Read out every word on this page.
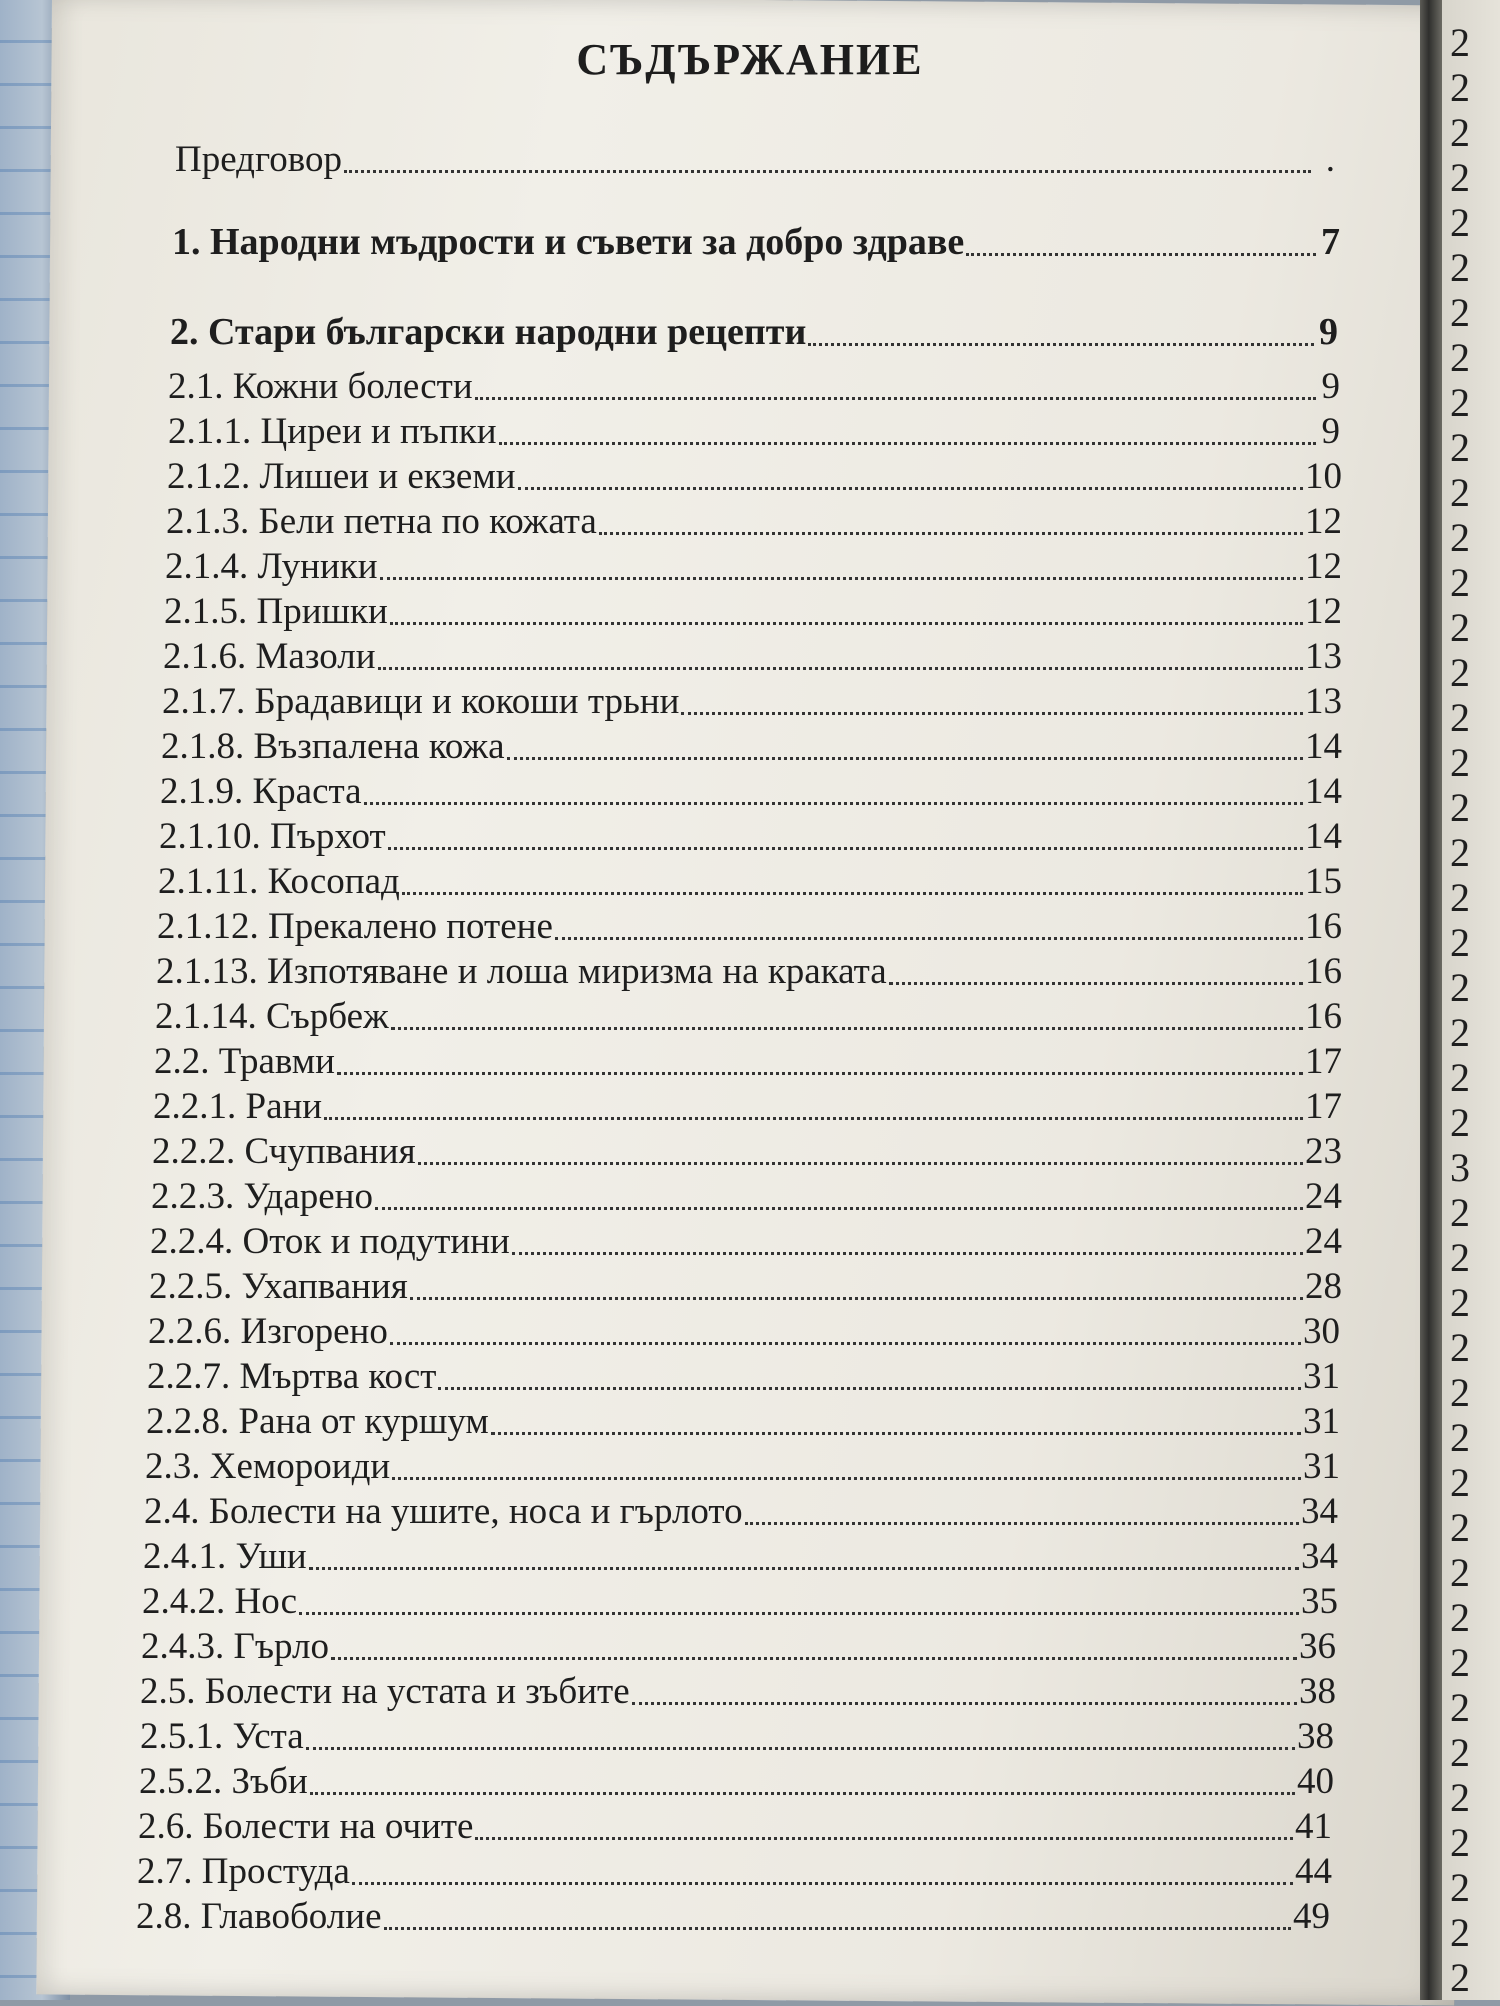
2
2
2
2
2
2
2
2
2
2
2
2
2
2
2
2
2
2
2
2
2
2
2
2
2
3
2
2
2
2
2
2
2
2
2
2
2
2
2
2
2
2
2
2
СЪДЪРЖАНИЕ
Предговор	.
1. Народни мъдрости и съвети за добро здраве	7
2. Стари български народни рецепти	9
2.1. Кожни болести	9
2.1.1. Циреи и пъпки	9
2.1.2. Лишеи и екземи	10
2.1.3. Бели петна по кожата	12
2.1.4. Луники	12
2.1.5. Пришки	12
2.1.6. Мазоли	13
2.1.7. Брадавици и кокоши трьни	13
2.1.8. Възпалена кожа	14
2.1.9. Краста	14
2.1.10. Пърхот	14
2.1.11. Косопад	15
2.1.12. Прекалено потене	16
2.1.13. Изпотяване и лоша миризма на краката	16
2.1.14. Сърбеж	16
2.2. Травми	17
2.2.1. Рани	17
2.2.2. Счупвания	23
2.2.3. Ударено	24
2.2.4. Оток и подутини	24
2.2.5. Ухапвания	28
2.2.6. Изгорено	30
2.2.7. Мъртва кост	31
2.2.8. Рана от куршум	31
2.3. Хемороиди	31
2.4. Болести на ушите, носа и гърлото	34
2.4.1. Уши	34
2.4.2. Нос	35
2.4.3. Гърло	36
2.5. Болести на устата и зъбите	38
2.5.1. Уста	38
2.5.2. Зъби	40
2.6. Болести на очите	41
2.7. Простуда	44
2.8. Главоболие	49
